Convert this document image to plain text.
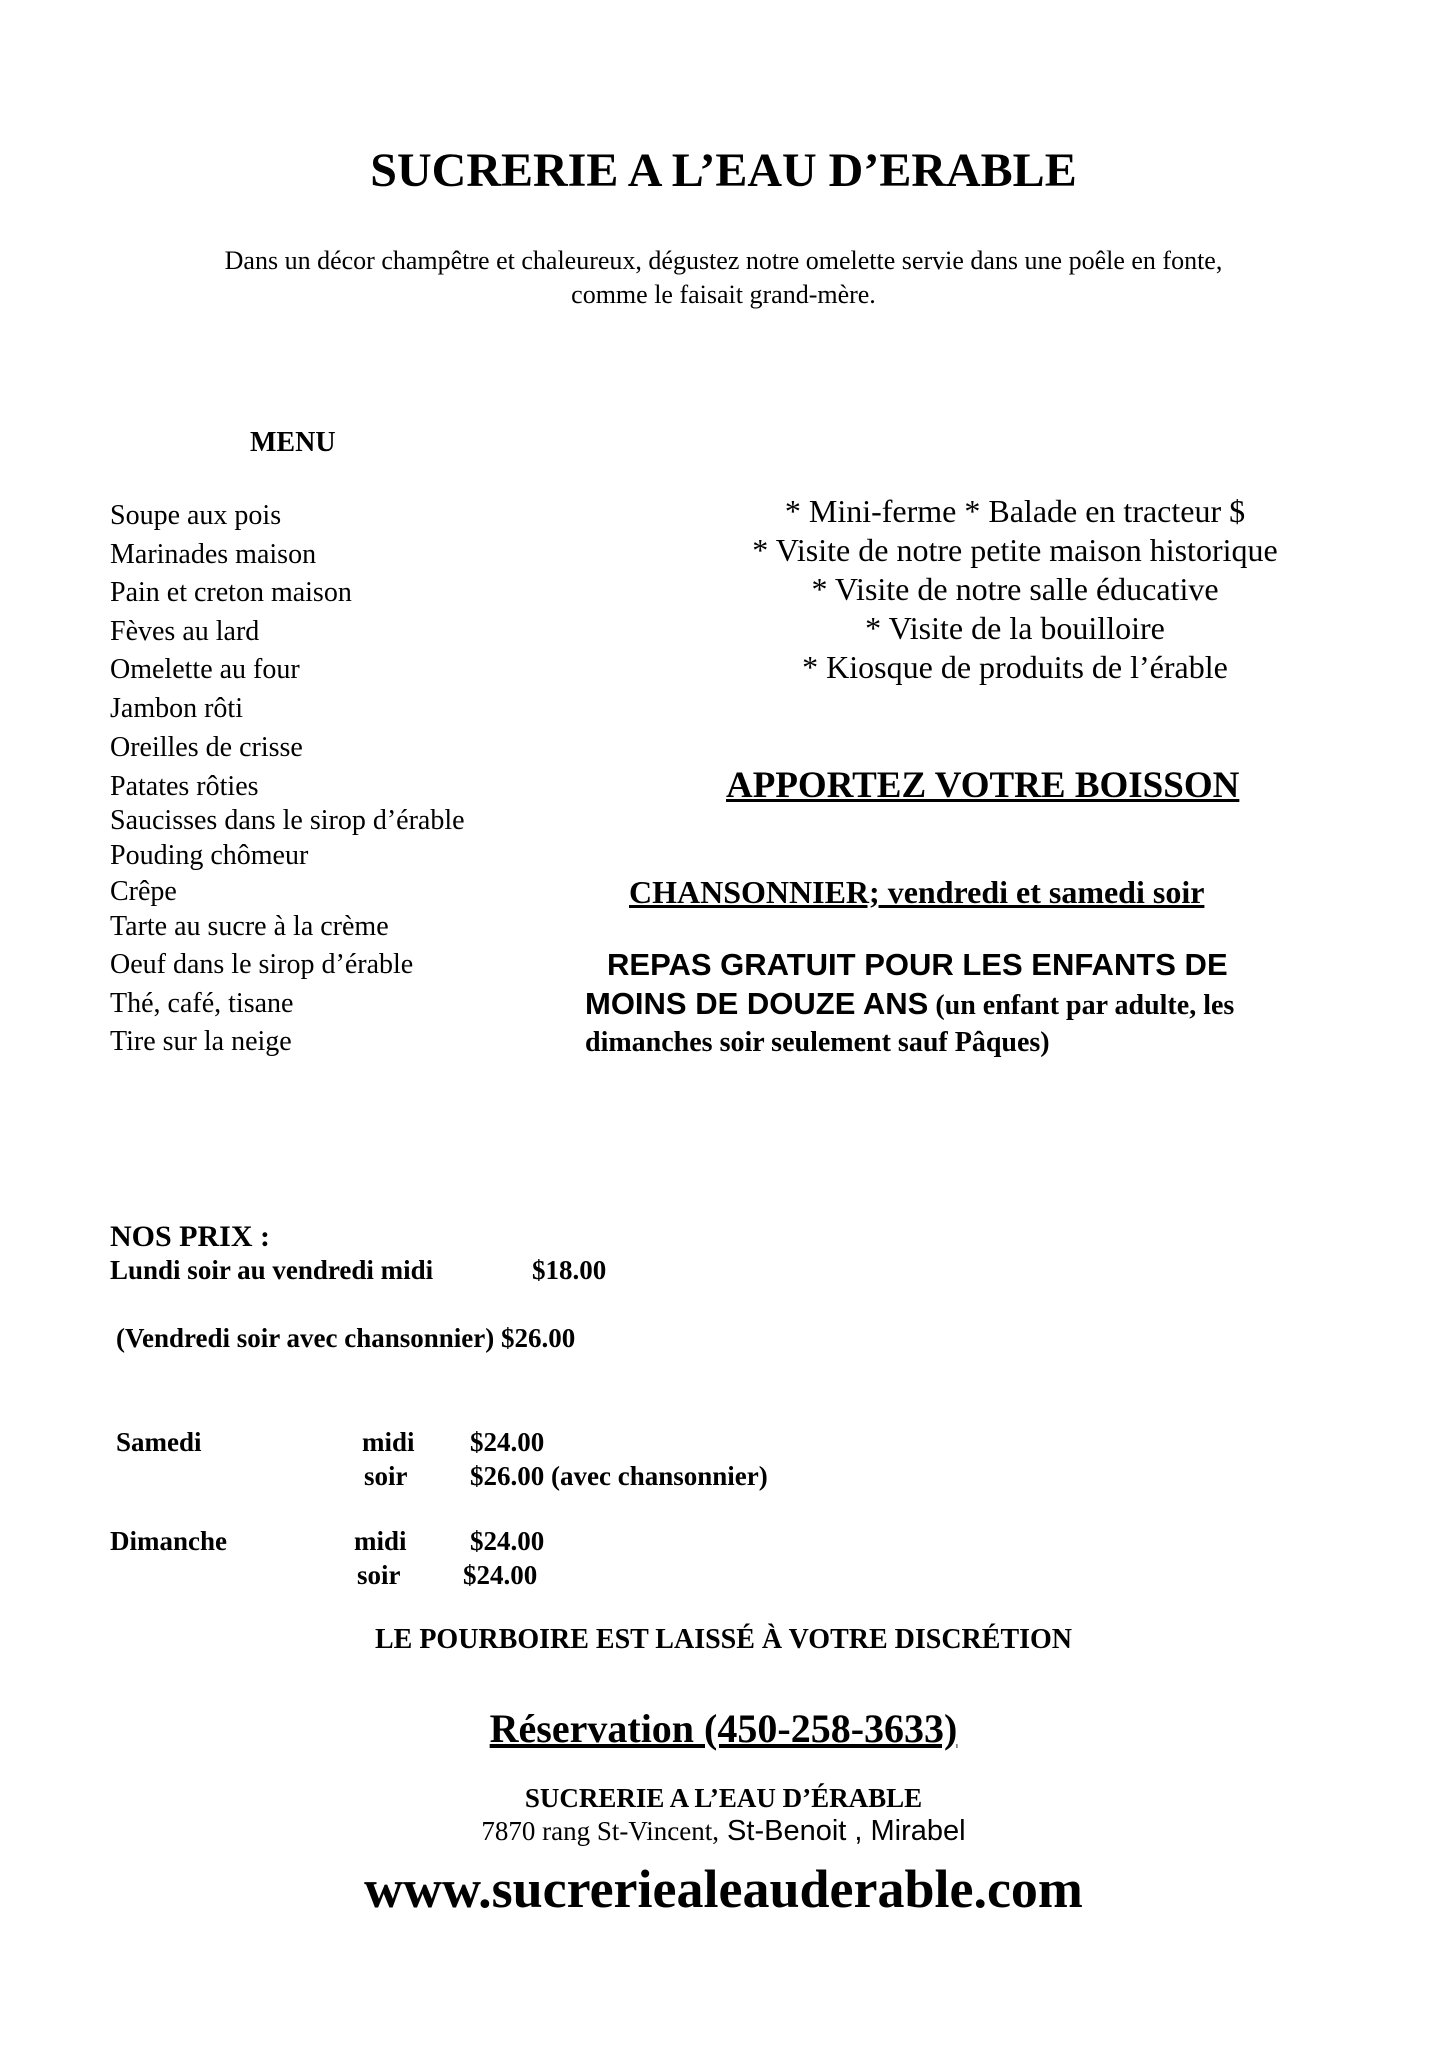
SUCRERIE A L’EAU D’ERABLE
Dans un décor champêtre et chaleureux, dégustez notre omelette servie dans une poêle en fonte,
comme le faisait grand-mère.
MENU
Soupe aux pois
Marinades maison
Pain et creton maison
Fèves au lard
Omelette au four
Jambon rôti
Oreilles de crisse
Patates rôties
Saucisses dans le sirop d’érable
Pouding chômeur
Crêpe
Tarte au sucre à la crème
Oeuf dans le sirop d’érable
Thé, café, tisane
Tire sur la neige
* Mini-ferme * Balade en tracteur $
* Visite de notre petite maison historique
* Visite de notre salle éducative
* Visite de la bouilloire
* Kiosque de produits de l’érable
APPORTEZ VOTRE BOISSON
CHANSONNIER; vendredi et samedi soir
REPAS GRATUIT POUR LES ENFANTS DE
MOINS DE DOUZE ANS (un enfant par adulte, les
dimanches soir seulement sauf Pâques)
NOS PRIX :
Lundi soir au vendredi midi	$18.00
(Vendredi soir avec chansonnier) $26.00
Samedi	midi $24.00
soir $26.00 (avec chansonnier)
Dimanche	midi $24.00
soir $24.00
LE POURBOIRE EST LAISSÉ À VOTRE DISCRÉTION
Réservation (450-258-3633)
SUCRERIE A L’EAU D’ÉRABLE
7870 rang St-Vincent, St-Benoit , Mirabel
www.sucreriealeauderable.com
